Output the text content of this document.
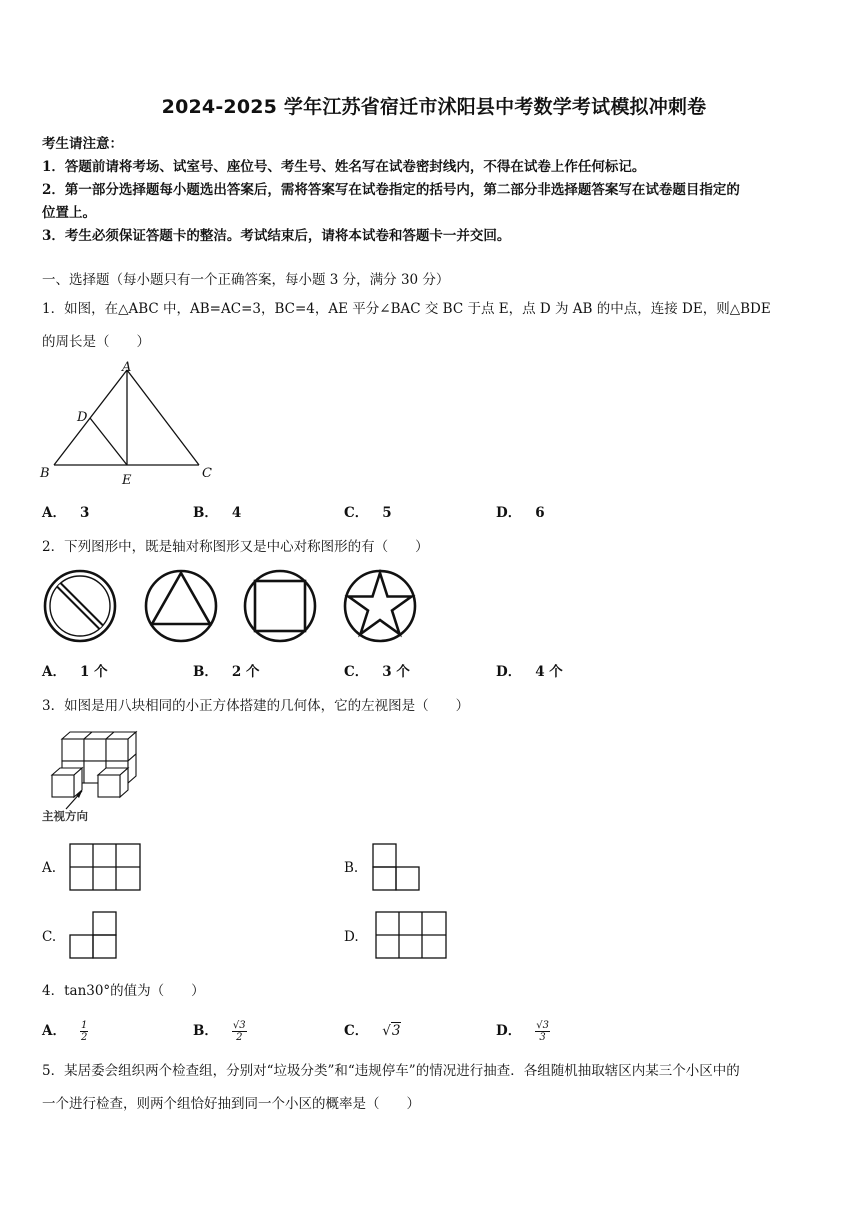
2024-2025 学年江苏省宿迁市沭阳县中考数学考试模拟冲刺卷
考生请注意：
1．答题前请将考场、试室号、座位号、考生号、姓名写在试卷密封线内，不得在试卷上作任何标记。
2．第一部分选择题每小题选出答案后，需将答案写在试卷指定的括号内，第二部分非选择题答案写在试卷题目指定的
位置上。
3．考生必须保证答题卡的整洁。考试结束后，请将本试卷和答题卡一并交回。
一、选择题（每小题只有一个正确答案，每小题 3 分，满分 30 分）
1．如图，在△ABC 中，AB=AC=3，BC=4，AE 平分∠BAC 交 BC 于点 E，点 D 为 AB 的中点，连接 DE，则△BDE
的周长是（　　）
A
D
B	E	C
A． 3	B． 4	C． 5	D． 6
2．下列图形中，既是轴对称图形又是中心对称图形的有（　　）
A． 1 个	B． 2 个	C． 3 个	D． 4 个
3．如图是用八块相同的小正方体搭建的几何体，它的左视图是（　　）
主视方向
A.	B.
C.	D.
4．tan30°的值为（　　）
A． $\frac{1}{2}$	B． $\frac{√3}{2}$	C． √3	D． $\frac{√3}{3}$
5．某居委会组织两个检查组，分别对“垃圾分类”和“违规停车”的情况进行抽查．各组随机抽取辖区内某三个小区中的
一个进行检查，则两个组恰好抽到同一个小区的概率是（　　）
